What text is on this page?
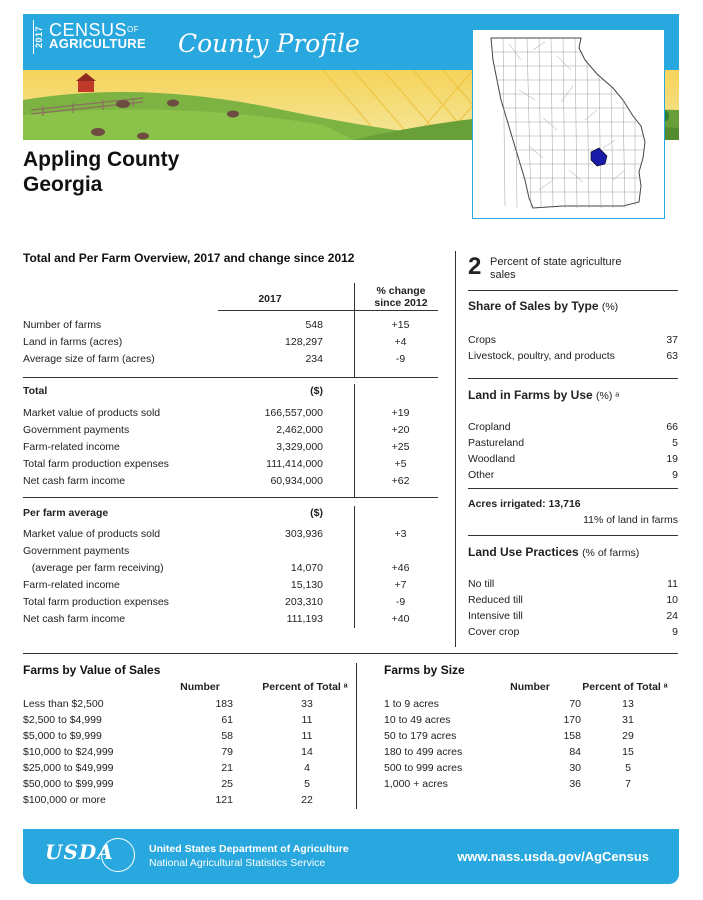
2017 $CENSUS^{OF}$
AGRICULTURE County Profile
Appling County
Georgia
Total and Per Farm Overview, 2017 and change since 2012
2017
% change
since 2012
Number of farms	548	+15
Land in farms (acres)	128,297	+4
Average size of farm (acres)	234	-9
Total	($)
Market value of products sold	166,557,000	+19
Government payments	2,462,000	+20
Farm-related income	3,329,000	+25
Total farm production expenses	111,414,000	+5
Net cash farm income	60,934,000	+62
Per farm average	($)
Market value of products sold	303,936	+3
Government payments
(average per farm receiving)	14,070	+46
Farm-related income	15,130	+7
Total farm production expenses	203,310	-9
Net cash farm income	111,193	+40
2 Percent of state agriculture
sales
Share of Sales by Type (%)
Crops	37
Livestock, poultry, and products	63
Land in Farms by Use (%) ᵃ
Cropland	66
Pastureland	5
Woodland	19
Other	9
Acres irrigated: 13,716
11% of land in farms
Land Use Practices (% of farms)
No till	11
Reduced till	10
Intensive till	24
Cover crop	9
Farms by Value of Sales
Number	Percent of Total ᵃ
Less than $2,500	183	33
$2,500 to $4,999	61	11
$5,000 to $9,999	58	11
$10,000 to $24,999	79	14
$25,000 to $49,999	21	4
$50,000 to $99,999	25	5
$100,000 or more	121	22
Farms by Size
Number	Percent of Total ᵃ
1 to 9 acres	70	13
10 to 49 acres	170	31
50 to 179 acres	158	29
180 to 499 acres	84	15
500 to 999 acres	30	5
1,000 + acres	36	7
USDA	United States Department of Agriculture
National Agricultural Statistics Service	www.nass.usda.gov/AgCensus
